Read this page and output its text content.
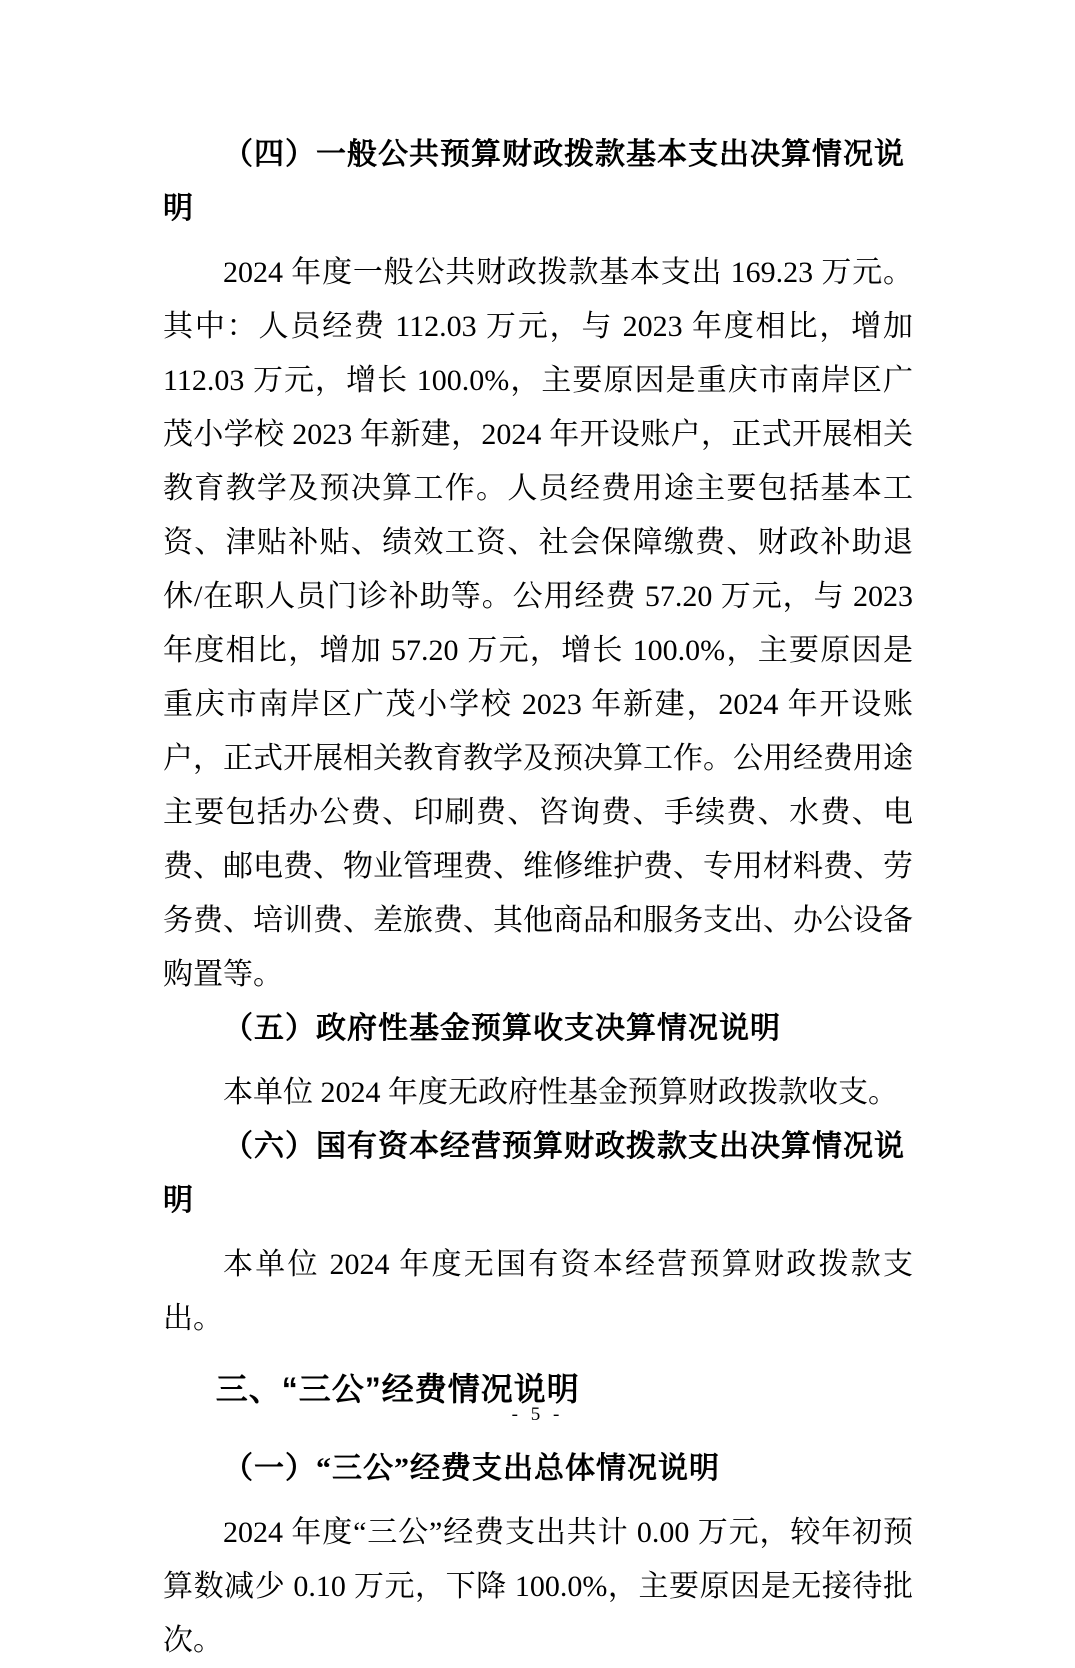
（四）一般公共预算财政拨款基本支出决算情况说明

2024 年度一般公共财政拨款基本支出 169.23 万元。其中：人员经费 112.03 万元，与 2023 年度相比，增加 112.03 万元，增长 100.0%，主要原因是重庆市南岸区广茂小学校 2023 年新建，2024 年开设账户，正式开展相关教育教学及预决算工作。人员经费用途主要包括基本工资、津贴补贴、绩效工资、社会保障缴费、财政补助退休/在职人员门诊补助等。公用经费 57.20 万元，与 2023 年度相比，增加 57.20 万元，增长 100.0%，主要原因是重庆市南岸区广茂小学校 2023 年新建，2024 年开设账户，正式开展相关教育教学及预决算工作。公用经费用途主要包括办公费、印刷费、咨询费、手续费、水费、电费、邮电费、物业管理费、维修维护费、专用材料费、劳务费、培训费、差旅费、其他商品和服务支出、办公设备购置等。

（五）政府性基金预算收支决算情况说明

本单位 2024 年度无政府性基金预算财政拨款收支。

（六）国有资本经营预算财政拨款支出决算情况说明

本单位 2024 年度无国有资本经营预算财政拨款支出。

三、“三公”经费情况说明
（一）“三公”经费支出总体情况说明

2024 年度“三公”经费支出共计 0.00 万元，较年初预算数减少 0.10 万元，下降 100.0%，主要原因是无接待批次。

- 5 -
